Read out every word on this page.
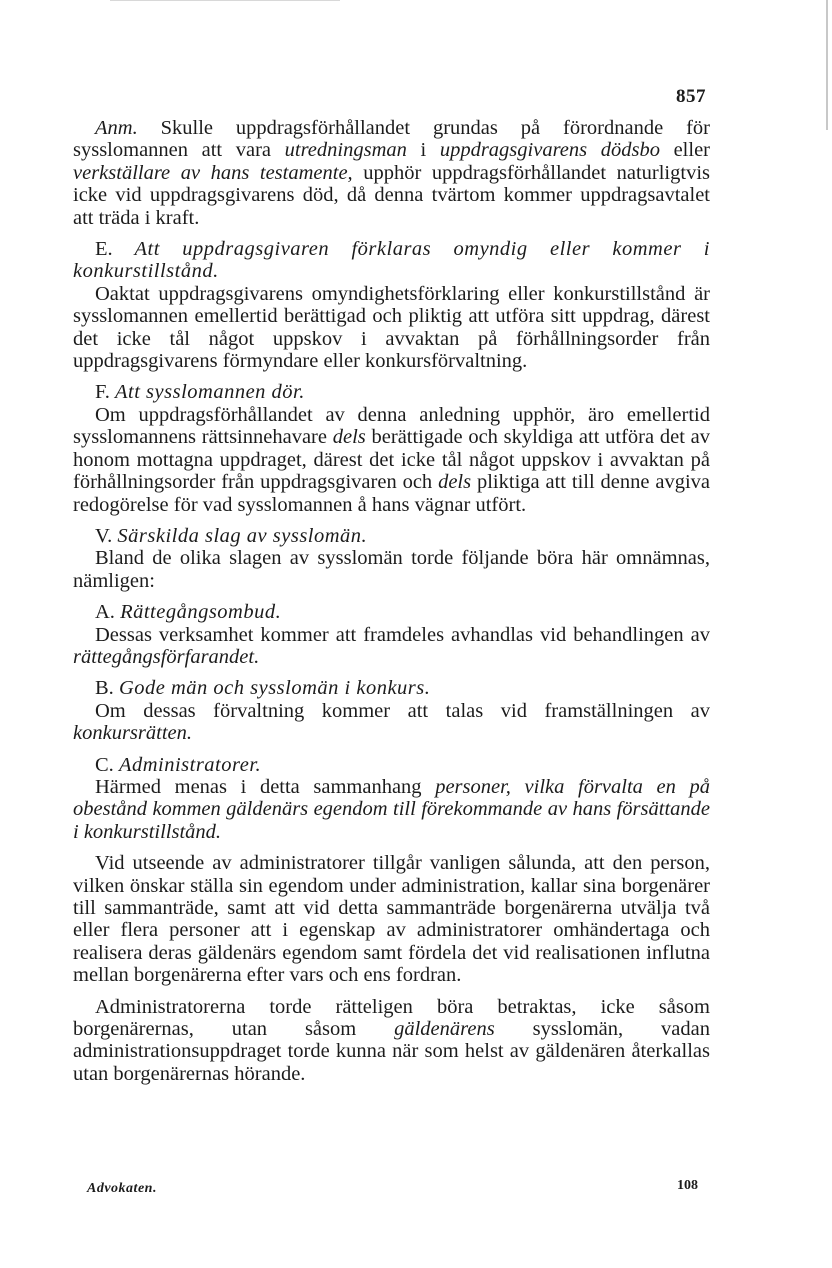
857

Anm. Skulle uppdragsförhållandet grundas på förordnande för sysslomannen att vara utredningsman i uppdragsgivarens dödsbo eller verkställare av hans testamente, upphör uppdragsförhållandet naturligtvis icke vid uppdragsgivarens död, då denna tvärtom kommer uppdragsavtalet att träda i kraft.

E. Att uppdragsgivaren förklaras omyndig eller kommer i konkurstillstånd.

Oaktat uppdragsgivarens omyndighetsförklaring eller konkurstillstånd är sysslomannen emellertid berättigad och pliktig att utföra sitt uppdrag, därest det icke tål något uppskov i avvaktan på förhållningsorder från uppdragsgivarens förmyndare eller konkursförvaltning.

F. Att sysslomannen dör.

Om uppdragsförhållandet av denna anledning upphör, äro emellertid sysslomannens rättsinnehavare dels berättigade och skyldiga att utföra det av honom mottagna uppdraget, därest det icke tål något uppskov i avvaktan på förhållningsorder från uppdragsgivaren och dels pliktiga att till denne avgiva redogörelse för vad sysslomannen å hans vägnar utfört.

V. Särskilda slag av sysslomän.

Bland de olika slagen av sysslomän torde följande böra här omnämnas, nämligen:

A. Rättegångsombud.

Dessas verksamhet kommer att framdeles avhandlas vid behandlingen av rättegångsförfarandet.

B. Gode män och sysslomän i konkurs.

Om dessas förvaltning kommer att talas vid framställningen av konkursrätten.

C. Administratorer.

Härmed menas i detta sammanhang personer, vilka förvalta en på obestånd kommen gäldenärs egendom till förekommande av hans försättande i konkurstillstånd.

Vid utseende av administratorer tillgår vanligen sålunda, att den person, vilken önskar ställa sin egendom under administration, kallar sina borgenärer till sammanträde, samt att vid detta sammanträde borgenärerna utvälja två eller flera personer att i egenskap av administratorer omhändertaga och realisera deras gäldenärs egendom samt fördela det vid realisationen influtna mellan borgenärerna efter vars och ens fordran.

Administratorerna torde rätteligen böra betraktas, icke såsom borgenärernas, utan såsom gäldenärens sysslomän, vadan administrationsuppdraget torde kunna när som helst av gäldenären återkallas utan borgenärernas hörande.

Advokaten.	108
